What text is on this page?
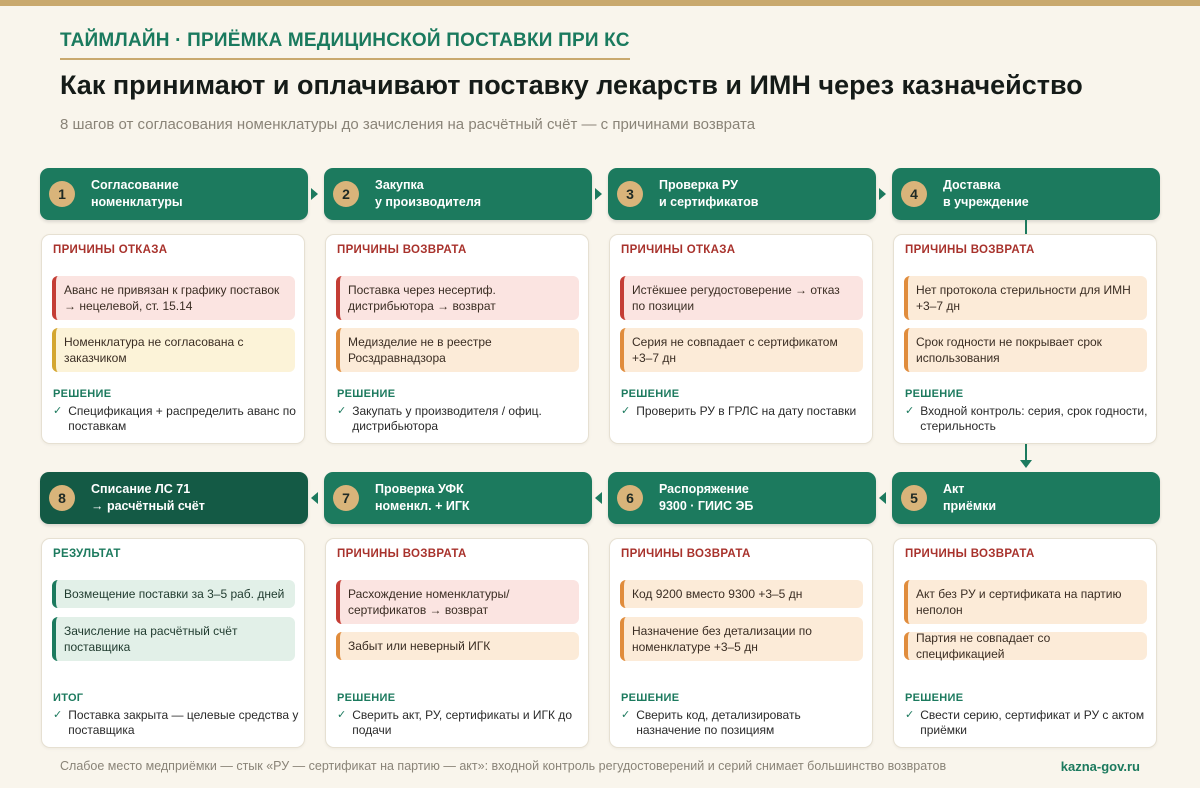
ТАЙМЛАЙН · ПРИЁМКА МЕДИЦИНСКОЙ ПОСТАВКИ ПРИ КС
Как принимают и оплачивают поставку лекарств и ИМН через казначейство
8 шагов от согласования номенклатуры до зачисления на расчётный счёт — с причинами возврата
1
Согласование
номенклатуры	2
Закупка
у производителя	3
Проверка РУ
и сертификатов	4
Доставка
в учреждение
ПРИЧИНЫ ОТКАЗА
Аванс не привязан к графику поставок → нецелевой, ст. 15.14
Номенклатура не согласована с заказчиком
РЕШЕНИЕ
✓ Спецификация + распределить аванс по поставкам
ПРИЧИНЫ ВОЗВРАТА
Поставка через несертиф. дистрибьютора → возврат
Медизделие не в реестре Росздравнадзора
РЕШЕНИЕ
✓ Закупать у производителя / офиц. дистрибьютора
ПРИЧИНЫ ОТКАЗА
Истёкшее регудостоверение → отказ по позиции
Серия не совпадает с сертификатом +3–7 дн
РЕШЕНИЕ
✓ Проверить РУ в ГРЛС на дату поставки
ПРИЧИНЫ ВОЗВРАТА
Нет протокола стерильности для ИМН +3–7 дн
Срок годности не покрывает срок использования
РЕШЕНИЕ
✓ Входной контроль: серия, срок годности, стерильность
8
Списание ЛС 71
→ расчётный счёт	7
Проверка УФК
номенкл. + ИГК	6
Распоряжение
9300 · ГИИС ЭБ	5
Акт
приёмки
РЕЗУЛЬТАТ
Возмещение поставки за 3–5 раб. дней
Зачисление на расчётный счёт поставщика
ИТОГ
✓ Поставка закрыта — целевые средства у поставщика
ПРИЧИНЫ ВОЗВРАТА
Расхождение номенклатуры/сертификатов → возврат
Забыт или неверный ИГК
РЕШЕНИЕ
✓ Сверить акт, РУ, сертификаты и ИГК до подачи
ПРИЧИНЫ ВОЗВРАТА
Код 9200 вместо 9300 +3–5 дн
Назначение без детализации по номенклатуре +3–5 дн
РЕШЕНИЕ
✓ Сверить код, детализировать назначение по позициям
ПРИЧИНЫ ВОЗВРАТА
Акт без РУ и сертификата на партию неполон
Партия не совпадает со спецификацией
РЕШЕНИЕ
✓ Свести серию, сертификат и РУ с актом приёмки
Слабое место медприёмки — стык «РУ — сертификат на партию — акт»: входной контроль регудостоверений и серий снимает большинство возвратов	kazna-gov.ru
